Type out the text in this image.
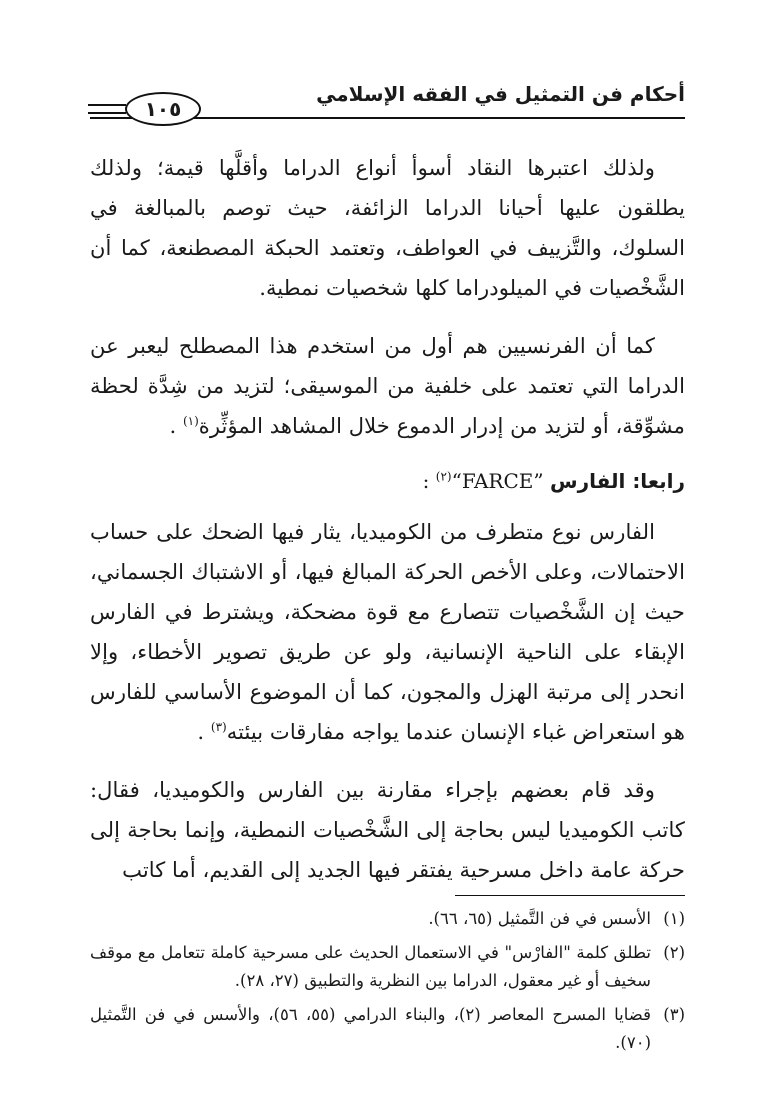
أحكام فن التمثيل في الفقه الإسلامي
١٠٥

ولذلك اعتبرها النقاد أسوأ أنواع الدراما وأقلَّها قيمة؛ ولذلك يطلقون عليها أحيانا الدراما الزائفة، حيث توصم بالمبالغة في السلوك، والتَّزييف في العواطف، وتعتمد الحبكة المصطنعة، كما أن الشَّخْصيات في الميلودراما كلها شخصيات نمطية.

كما أن الفرنسيين هم أول من استخدم هذا المصطلح ليعبر عن الدراما التي تعتمد على خلفية من الموسيقى؛ لتزيد من شِدَّة لحظة مشوِّقة، أو لتزيد من إدرار الدموع خلال المشاهد المؤثِّرة$^{(١)}$ .

رابعا: الفارس “FARCE”$^{(٢)}$ :

الفارس نوع متطرف من الكوميديا، يثار فيها الضحك على حساب الاحتمالات، وعلى الأخص الحركة المبالغ فيها، أو الاشتباك الجسماني، حيث إن الشَّخْصيات تتصارع مع قوة مضحكة، ويشترط في الفارس الإبقاء على الناحية الإنسانية، ولو عن طريق تصوير الأخطاء، وإلا انحدر إلى مرتبة الهزل والمجون، كما أن الموضوع الأساسي للفارس هو استعراض غباء الإنسان عندما يواجه مفارقات بيئته$^{(٣)}$ .

وقد قام بعضهم بإجراء مقارنة بين الفارس والكوميديا، فقال: كاتب الكوميديا ليس بحاجة إلى الشَّخْصيات النمطية، وإنما بحاجة إلى حركة عامة داخل مسرحية يفتقر فيها الجديد إلى القديم، أما كاتب

(١)
الأسس في فن التَّمثيل (٦٥، ٦٦).
(٢)
تطلق كلمة "الفارْس" في الاستعمال الحديث على مسرحية كاملة تتعامل مع موقف سخيف أو غير معقول، الدراما بين النظرية والتطبيق (٢٧، ٢٨).
(٣)
قضايا المسرح المعاصر (٢)، والبناء الدرامي (٥٥، ٥٦)، والأسس في فن التَّمثيل (٧٠).
